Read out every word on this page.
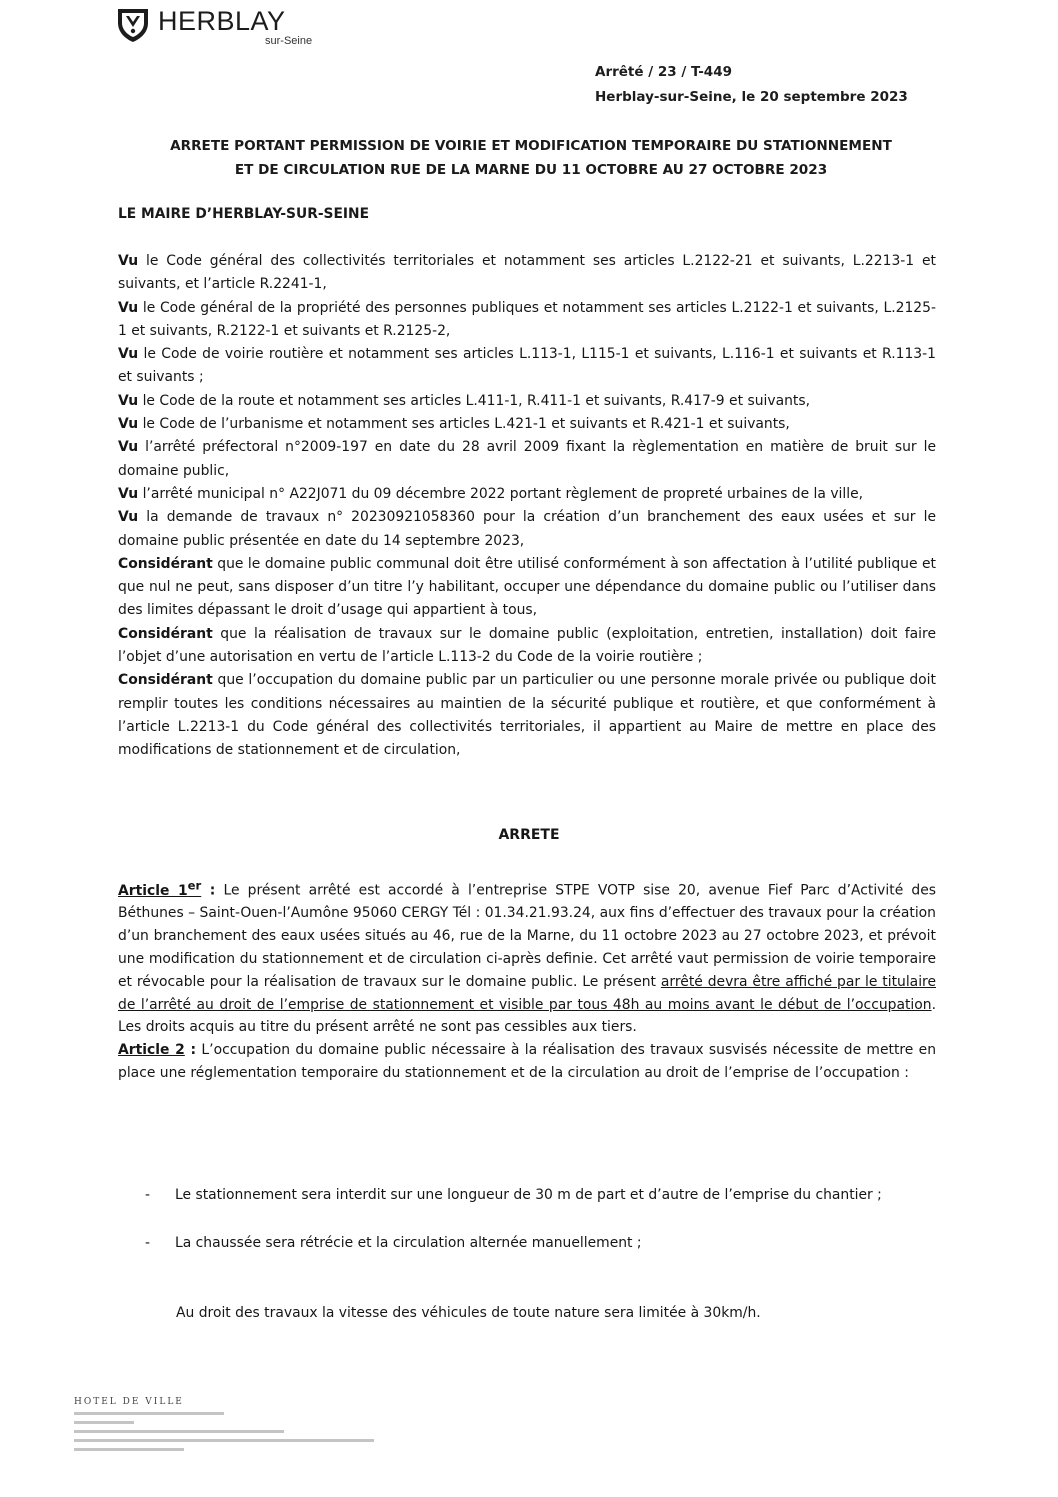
HERBLAY
sur-Seine
Arrêté / 23 / T-449
Herblay-sur-Seine, le 20 septembre 2023
ARRETE PORTANT PERMISSION DE VOIRIE ET MODIFICATION TEMPORAIRE DU STATIONNEMENT
ET DE CIRCULATION RUE DE LA MARNE DU 11 OCTOBRE AU 27 OCTOBRE 2023
LE MAIRE D’HERBLAY-SUR-SEINE

Vu le Code général des collectivités territoriales et notamment ses articles L.2122-21 et suivants, L.2213-1 et suivants, et l’article R.2241-1,

Vu le Code général de la propriété des personnes publiques et notamment ses articles L.2122-1 et suivants, L.2125-1 et suivants, R.2122-1 et suivants et R.2125-2,

Vu le Code de voirie routière et notamment ses articles L.113-1, L115-1 et suivants, L.116-1 et suivants et R.113-1 et suivants ;

Vu le Code de la route et notamment ses articles L.411-1, R.411-1 et suivants, R.417-9 et suivants,

Vu le Code de l’urbanisme et notamment ses articles L.421-1 et suivants et R.421-1 et suivants,

Vu l’arrêté préfectoral n°2009-197 en date du 28 avril 2009 fixant la règlementation en matière de bruit sur le domaine public,

Vu l’arrêté municipal n° A22J071 du 09 décembre 2022 portant règlement de propreté urbaines de la ville,

Vu la demande de travaux n° 20230921058360 pour la création d’un branchement des eaux usées et sur le domaine public présentée en date du 14 septembre 2023,

Considérant que le domaine public communal doit être utilisé conformément à son affectation à l’utilité publique et que nul ne peut, sans disposer d’un titre l’y habilitant, occuper une dépendance du domaine public ou l’utiliser dans des limites dépassant le droit d’usage qui appartient à tous,

Considérant que la réalisation de travaux sur le domaine public (exploitation, entretien, installation) doit faire l’objet d’une autorisation en vertu de l’article L.113-2 du Code de la voirie routière ;

Considérant que l’occupation du domaine public par un particulier ou une personne morale privée ou publique doit remplir toutes les conditions nécessaires au maintien de la sécurité publique et routière, et que conformément à l’article L.2213-1 du Code général des collectivités territoriales, il appartient au Maire de mettre en place des modifications de stationnement et de circulation,

ARRETE

Article 1er : Le présent arrêté est accordé à l’entreprise STPE VOTP sise 20, avenue Fief Parc d’Activité des Béthunes – Saint-Ouen-l’Aumône 95060 CERGY Tél : 01.34.21.93.24, aux fins d’effectuer des travaux pour la création d’un branchement des eaux usées situés au 46, rue de la Marne, du 11 octobre 2023 au 27 octobre 2023, et prévoit une modification du stationnement et de circulation ci-après definie. Cet arrêté vaut permission de voirie temporaire et révocable pour la réalisation de travaux sur le domaine public. Le présent arrêté devra être affiché par le titulaire de l’arrêté au droit de l’emprise de stationnement et visible par tous 48h au moins avant le début de l’occupation. Les droits acquis au titre du présent arrêté ne sont pas cessibles aux tiers.

Article 2 : L’occupation du domaine public nécessaire à la réalisation des travaux susvisés nécessite de mettre en place une réglementation temporaire du stationnement et de la circulation au droit de l’emprise de l’occupation :

-	Le stationnement sera interdit sur une longueur de 30 m de part et d’autre de l’emprise du chantier ;
-	La chaussée sera rétrécie et la circulation alternée manuellement ;
Au droit des travaux la vitesse des véhicules de toute nature sera limitée à 30km/h.
HOTEL DE VILLE
